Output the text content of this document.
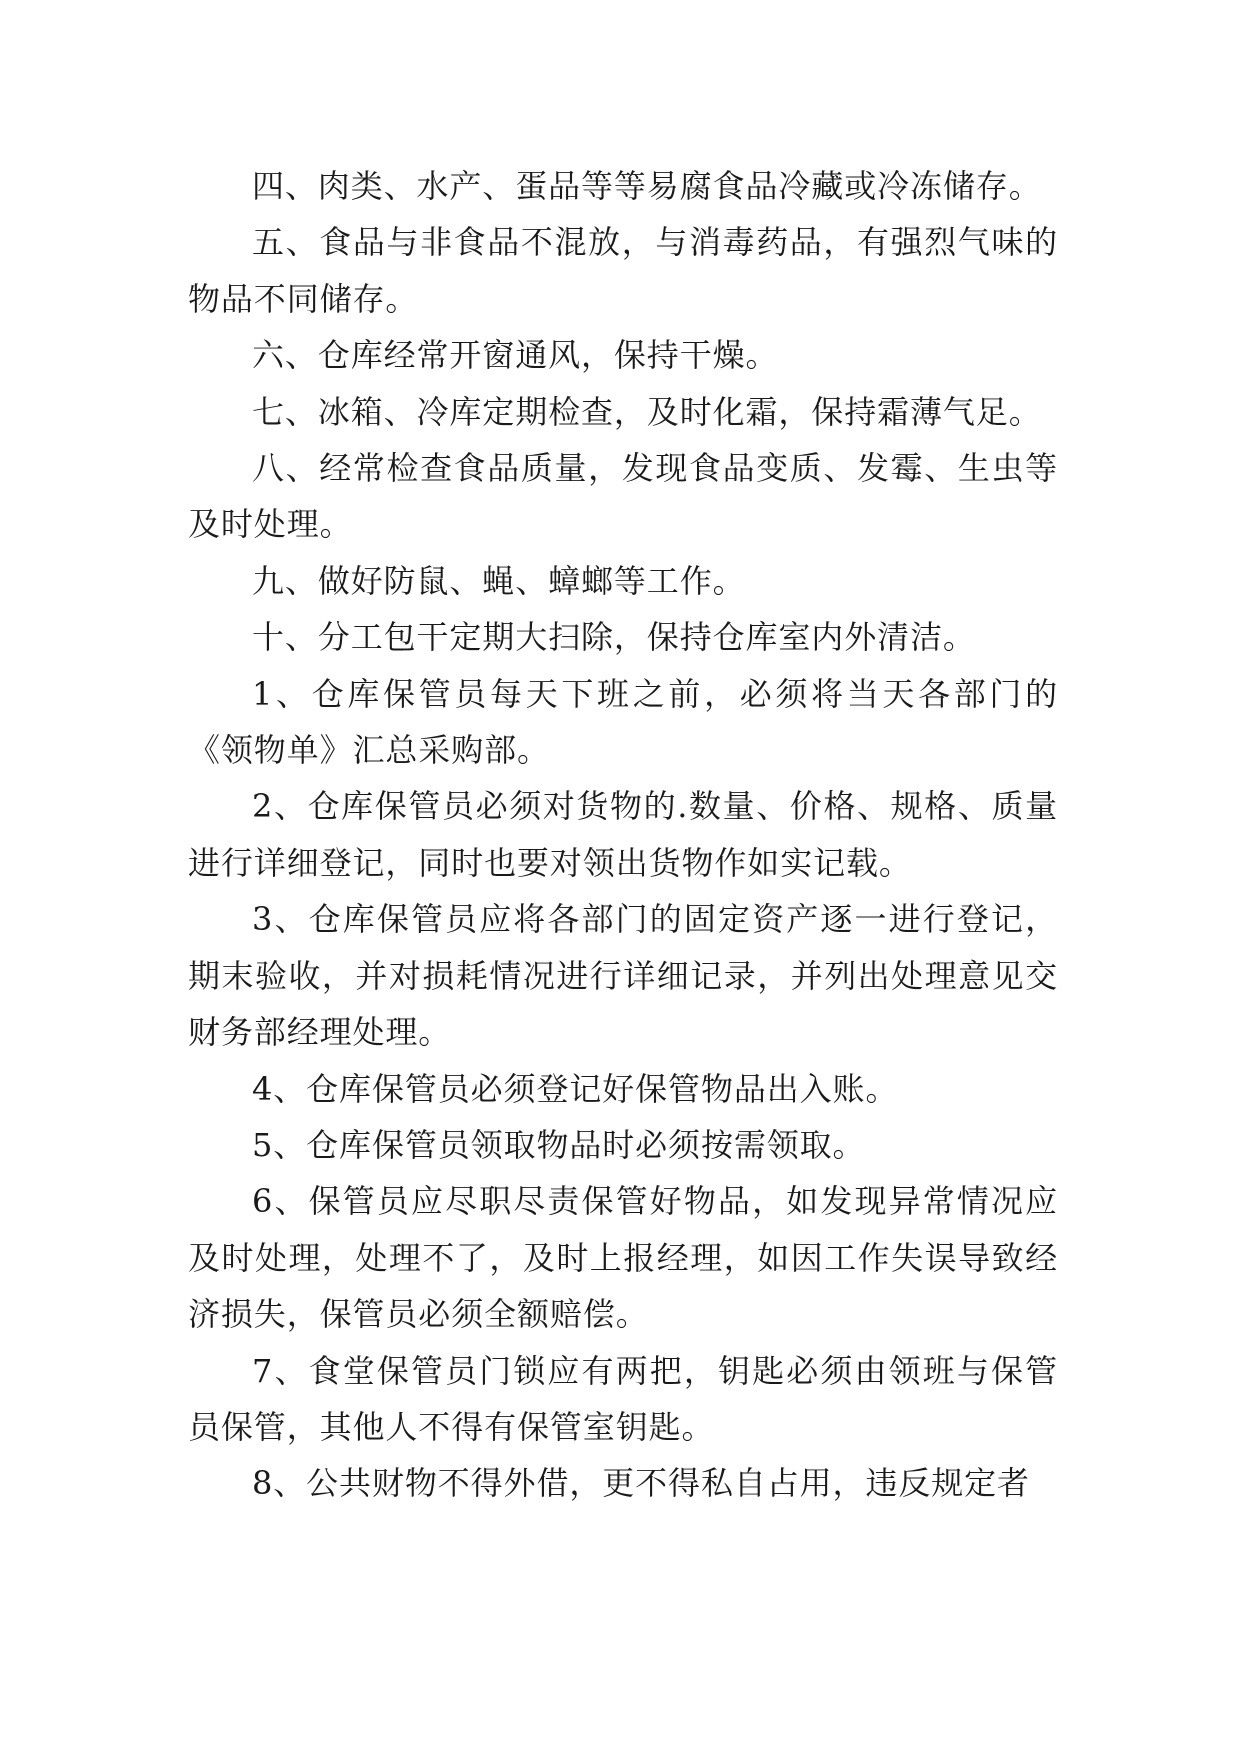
四、肉类、水产、蛋品等等易腐食品冷藏或冷冻储存。

五、食品与非食品不混放，与消毒药品，有强烈气味的物品不同储存。

六、仓库经常开窗通风，保持干燥。

七、冰箱、冷库定期检查，及时化霜，保持霜薄气足。

八、经常检查食品质量，发现食品变质、发霉、生虫等及时处理。

九、做好防鼠、蝇、蟑螂等工作。

十、分工包干定期大扫除，保持仓库室内外清洁。

1、仓库保管员每天下班之前，必须将当天各部门的《领物单》汇总采购部。

2、仓库保管员必须对货物的.数量、价格、规格、质量进行详细登记，同时也要对领出货物作如实记载。

3、仓库保管员应将各部门的固定资产逐一进行登记，期末验收，并对损耗情况进行详细记录，并列出处理意见交财务部经理处理。

4、仓库保管员必须登记好保管物品出入账。

5、仓库保管员领取物品时必须按需领取。

6、保管员应尽职尽责保管好物品，如发现异常情况应及时处理，处理不了，及时上报经理，如因工作失误导致经济损失，保管员必须全额赔偿。

7、食堂保管员门锁应有两把，钥匙必须由领班与保管员保管，其他人不得有保管室钥匙。

8、公共财物不得外借，更不得私自占用，违反规定者
